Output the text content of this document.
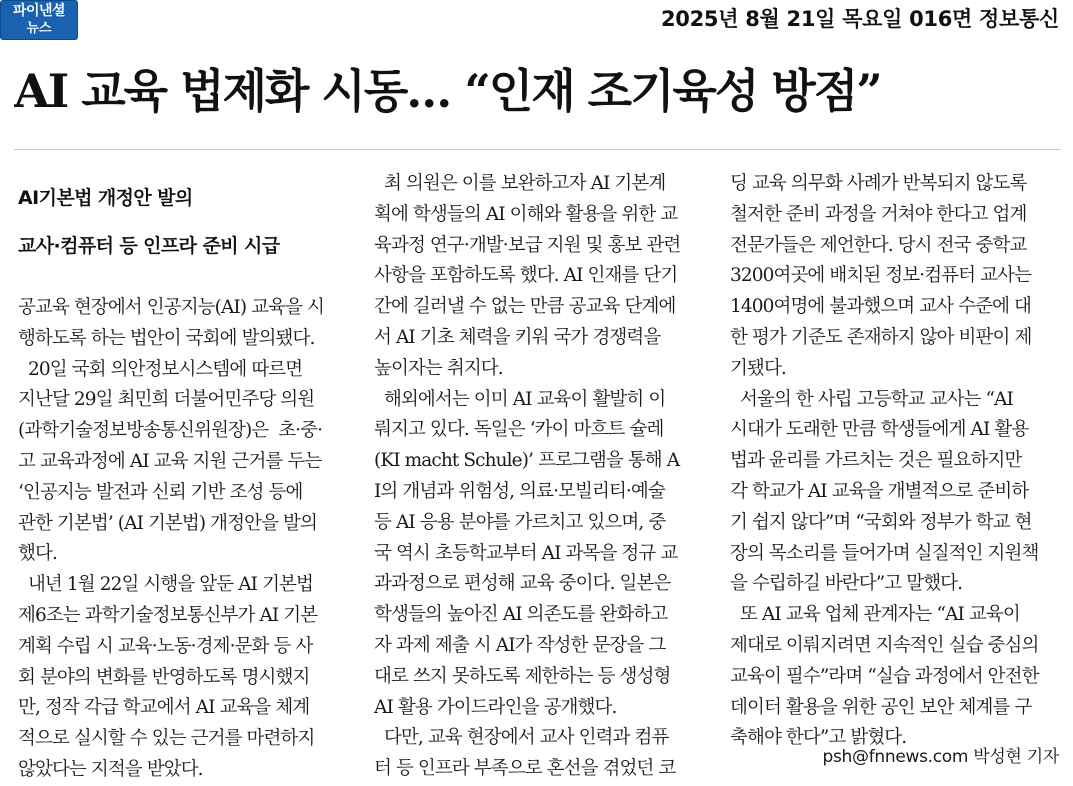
파이낸셜
뉴스	2025년 8월 21일 목요일 016면 정보통신
AI 교육 법제화 시동… “인재 조기육성 방점”
AI기본법 개정안 발의
교사·컴퓨터 등 인프라 준비 시급
공교육 현장에서 인공지능(AI) 교육을 시
행하도록 하는 법안이 국회에 발의됐다.
20일 국회 의안정보시스템에 따르면
지난달 29일 최민희 더불어민주당 의원
(과학기술정보방송통신위원장)은  초·중·
고 교육과정에 AI 교육 지원 근거를 두는
‘인공지능 발전과 신뢰 기반 조성 등에
관한 기본법’ (AI 기본법) 개정안을 발의
했다.
내년 1월 22일 시행을 앞둔 AI 기본법
제6조는 과학기술정보통신부가 AI 기본
계획 수립 시 교육·노동·경제·문화 등 사
회 분야의 변화를 반영하도록 명시했지
만, 정작 각급 학교에서 AI 교육을 체계
적으로 실시할 수 있는 근거를 마련하지
않았다는 지적을 받았다.
최 의원은 이를 보완하고자 AI 기본계
획에 학생들의 AI 이해와 활용을 위한 교
육과정 연구·개발·보급 지원 및 홍보 관련
사항을 포함하도록 했다. AI 인재를 단기
간에 길러낼 수 없는 만큼 공교육 단계에
서 AI 기초 체력을 키워 국가 경쟁력을
높이자는 취지다.
해외에서는 이미 AI 교육이 활발히 이
뤄지고 있다. 독일은 ‘카이 마흐트 슐레
(KI macht Schule)’ 프로그램을 통해 A
I의 개념과 위험성, 의료·모빌리티·예술
등 AI 응용 분야를 가르치고 있으며, 중
국 역시 초등학교부터 AI 과목을 정규 교
과과정으로 편성해 교육 중이다. 일본은
학생들의 높아진 AI 의존도를 완화하고
자 과제 제출 시 AI가 작성한 문장을 그
대로 쓰지 못하도록 제한하는 등 생성형
AI 활용 가이드라인을 공개했다.
다만, 교육 현장에서 교사 인력과 컴퓨
터 등 인프라 부족으로 혼선을 겪었던 코
딩 교육 의무화 사례가 반복되지 않도록
철저한 준비 과정을 거쳐야 한다고 업계
전문가들은 제언한다. 당시 전국 중학교
3200여곳에 배치된 정보·컴퓨터 교사는
1400여명에 불과했으며 교사 수준에 대
한 평가 기준도 존재하지 않아 비판이 제
기됐다.
서울의 한 사립 고등학교 교사는 “AI
시대가 도래한 만큼 학생들에게 AI 활용
법과 윤리를 가르치는 것은 필요하지만
각 학교가 AI 교육을 개별적으로 준비하
기 쉽지 않다”며 “국회와 정부가 학교 현
장의 목소리를 들어가며 실질적인 지원책
을 수립하길 바란다”고 말했다.
또 AI 교육 업체 관계자는 “AI 교육이
제대로 이뤄지려면 지속적인 실습 중심의
교육이 필수”라며 “실습 과정에서 안전한
데이터 활용을 위한 공인 보안 체계를 구
축해야 한다”고 밝혔다.
psh@fnnews.com 박성현 기자
